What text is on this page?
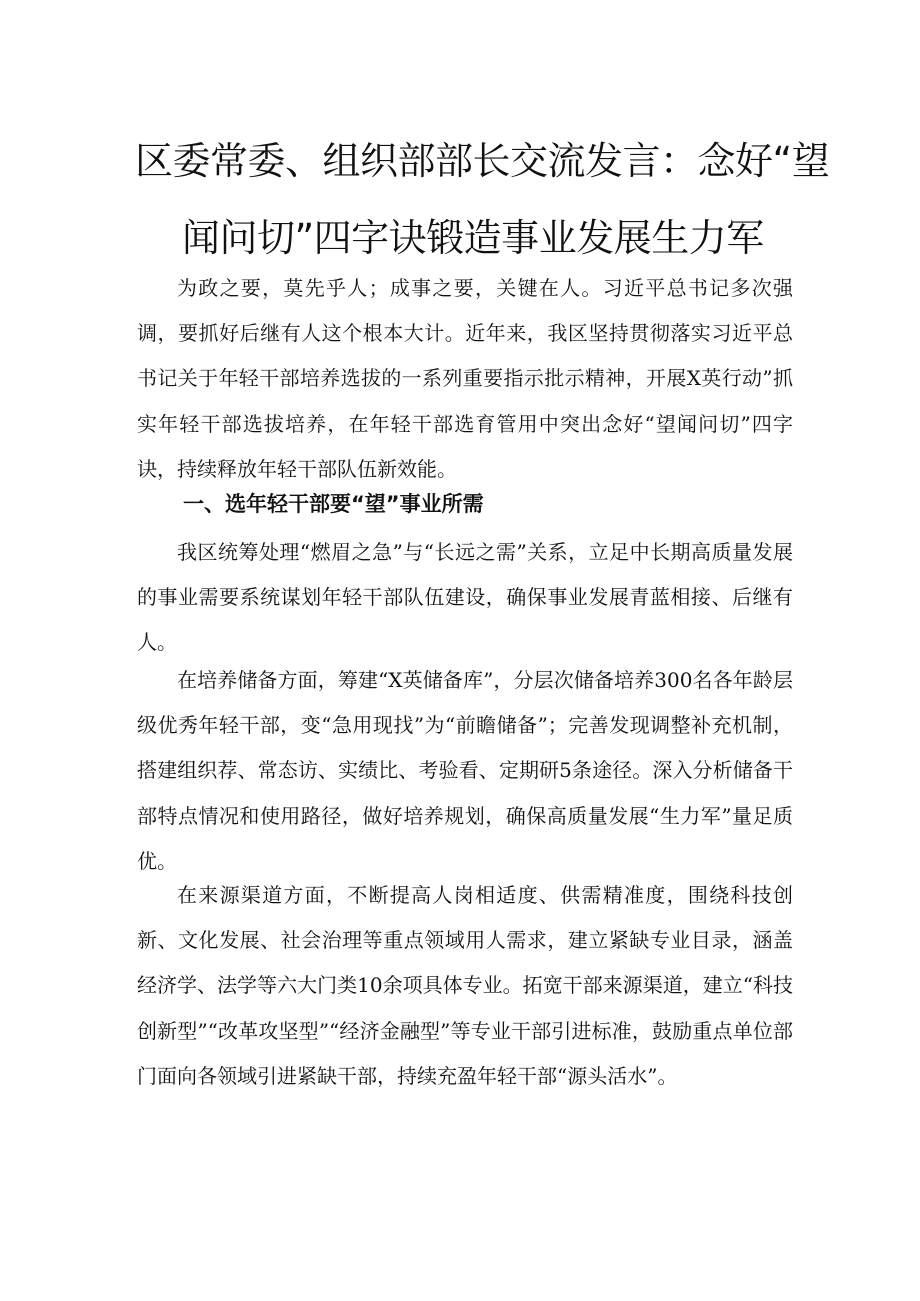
区委常委、组织部部长交流发言：念好“望
闻问切”四字诀锻造事业发展生力军

为政之要，莫先乎人；成事之要，关键在人。习近平总书记多次强调，要抓好后继有人这个根本大计。近年来，我区坚持贯彻落实习近平总书记关于年轻干部培养选拔的一系列重要指示批示精神，开展X英行动”抓实年轻干部选拔培养，在年轻干部选育管用中突出念好“望闻问切”四字诀，持续释放年轻干部队伍新效能。

一、选年轻干部要“望”事业所需

我区统筹处理“燃眉之急”与“长远之需”关系，立足中长期高质量发展的事业需要系统谋划年轻干部队伍建设，确保事业发展青蓝相接、后继有人。

在培养储备方面，筹建“X英储备库”，分层次储备培养300名各年龄层级优秀年轻干部，变“急用现找”为“前瞻储备”；完善发现调整补充机制，搭建组织荐、常态访、实绩比、考验看、定期研5条途径。深入分析储备干部特点情况和使用路径，做好培养规划，确保高质量发展“生力军”量足质优。

在来源渠道方面，不断提高人岗相适度、供需精准度，围绕科技创新、文化发展、社会治理等重点领域用人需求，建立紧缺专业目录，涵盖经济学、法学等六大门类10余项具体专业。拓宽干部来源渠道，建立“科技创新型”“改革攻坚型”“经济金融型”等专业干部引进标准，鼓励重点单位部门面向各领域引进紧缺干部，持续充盈年轻干部“源头活水”。
